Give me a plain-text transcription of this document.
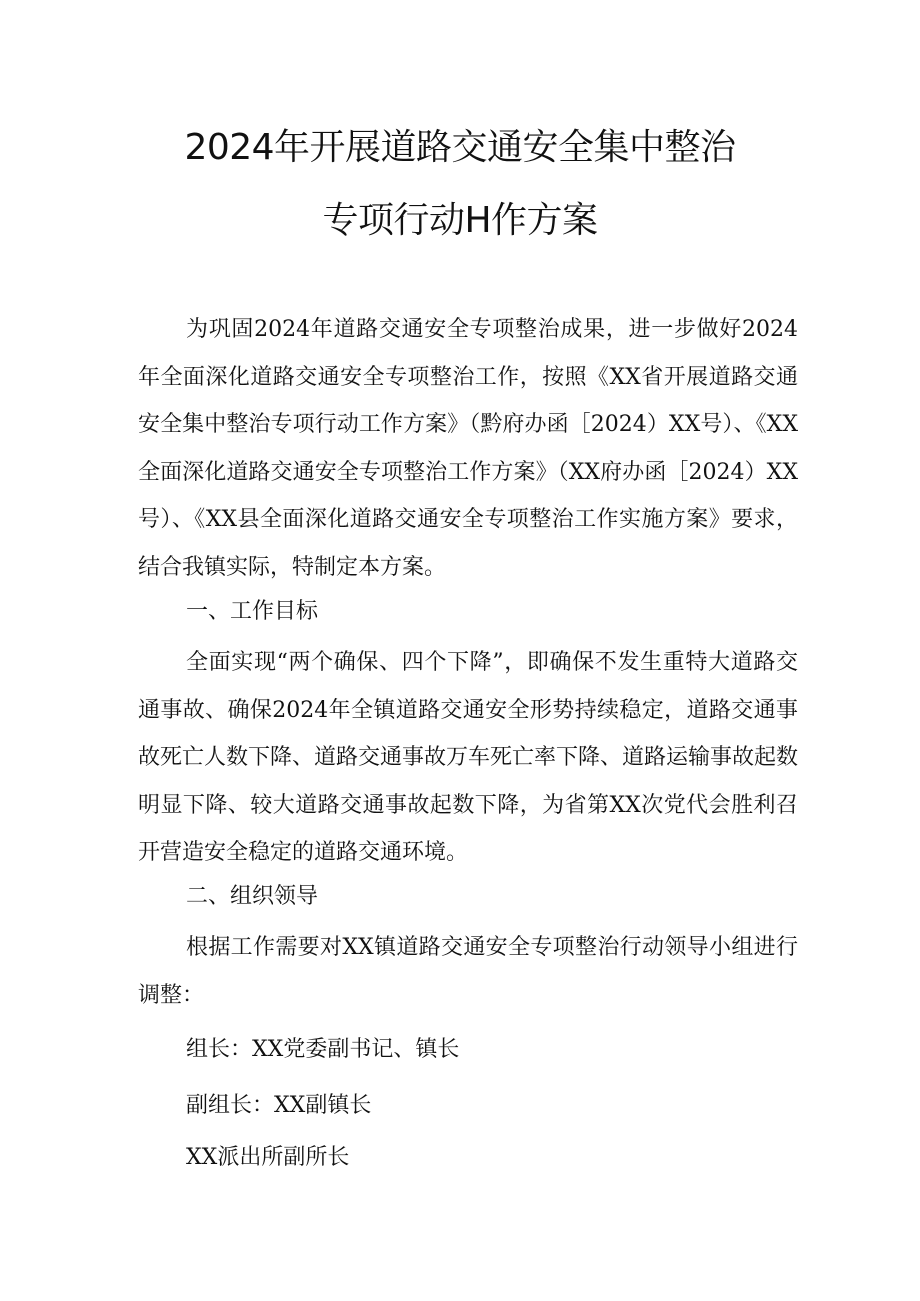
2024年开展道路交通安全集中整治
专项行动H作方案

为巩固2024年道路交通安全专项整治成果，进一步做好2024年全面深化道路交通安全专项整治工作，按照《XX省开展道路交通安全集中整治专项行动工作方案》（黔府办函［2024）XX号）、《XX全面深化道路交通安全专项整治工作方案》（XX府办函［2024）XX号）、《XX县全面深化道路交通安全专项整治工作实施方案》要求，结合我镇实际，特制定本方案。

一、工作目标

全面实现“两个确保、四个下降”，即确保不发生重特大道路交通事故、确保2024年全镇道路交通安全形势持续稳定，道路交通事故死亡人数下降、道路交通事故万车死亡率下降、道路运输事故起数明显下降、较大道路交通事故起数下降，为省第XX次党代会胜利召开营造安全稳定的道路交通环境。

二、组织领导

根据工作需要对XX镇道路交通安全专项整治行动领导小组进行调整：

组长：XX党委副书记、镇长

副组长：XX副镇长

XX派出所副所长
